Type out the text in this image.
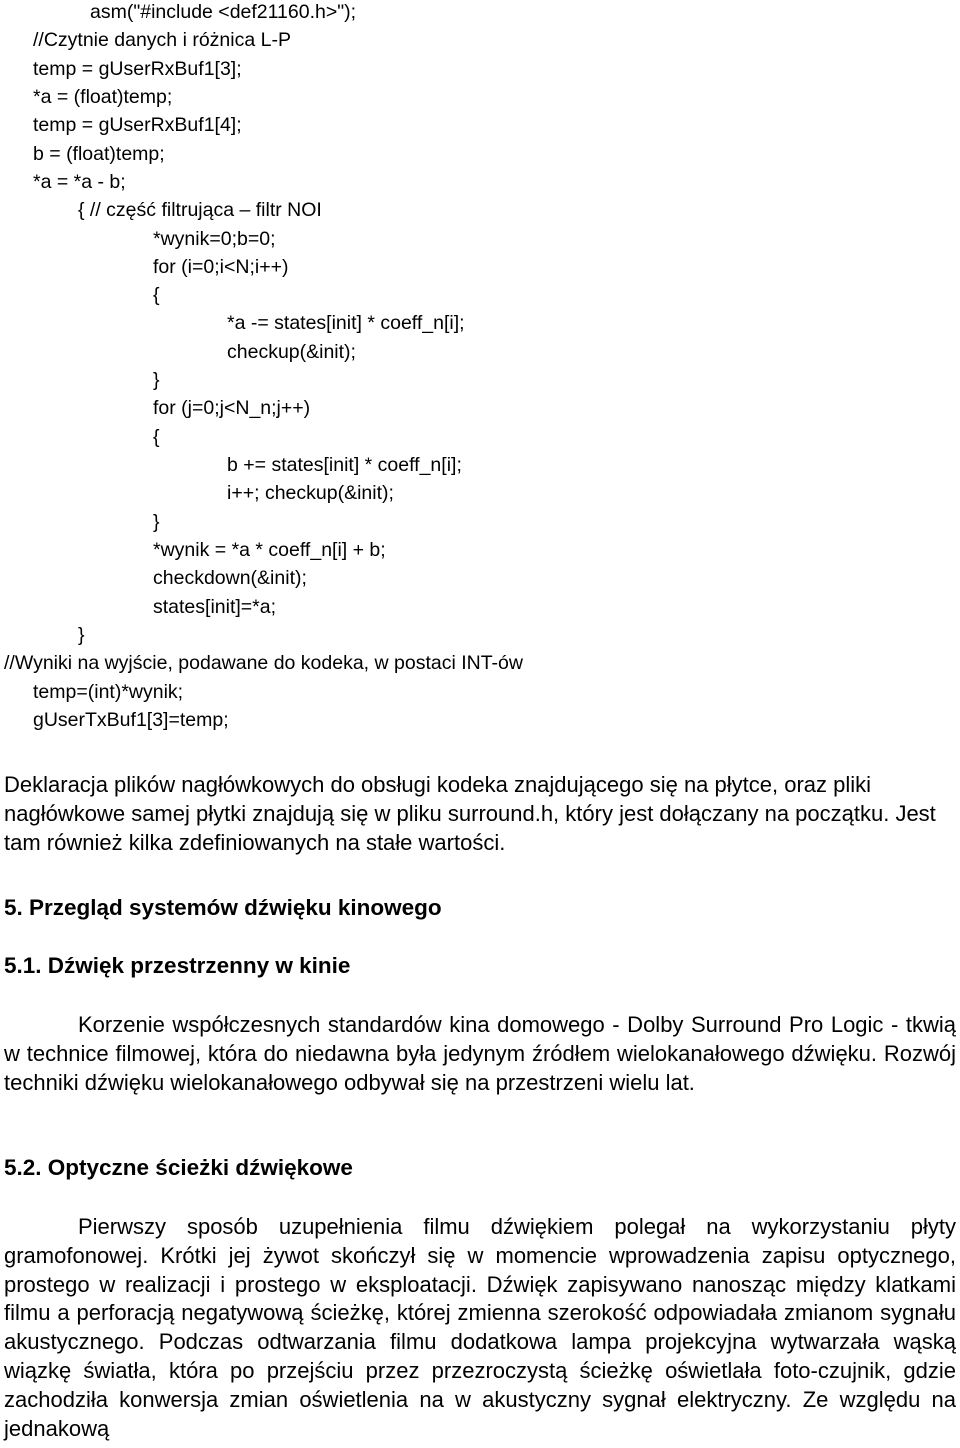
asm("#include <def21160.h>");
//Czytnie danych i różnica L-P
temp = gUserRxBuf1[3];
*a = (float)temp;
temp = gUserRxBuf1[4];
b = (float)temp;
*a = *a - b;
{ // część filtrująca – filtr NOI
*wynik=0;b=0;
for (i=0;i<N;i++)
{
*a -= states[init] * coeff_n[i];
checkup(&init);
}
for (j=0;j<N_n;j++)
{
b += states[init] * coeff_n[i];
i++; checkup(&init);
}
*wynik = *a * coeff_n[i] + b;
checkdown(&init);
states[init]=*a;
}
//Wyniki na wyjście, podawane do kodeka, w postaci INT-ów
temp=(int)*wynik;
gUserTxBuf1[3]=temp;

Deklaracja plików nagłówkowych do obsługi kodeka znajdującego się na płytce, oraz pliki nagłówkowe samej płytki znajdują się w pliku surround.h, który jest dołączany na początku. Jest tam również kilka zdefiniowanych na stałe wartości.

5. Przegląd systemów dźwięku kinowego
5.1. Dźwięk przestrzenny w kinie

Korzenie współczesnych standardów kina domowego - Dolby Surround Pro Logic - tkwią w technice filmowej, która do niedawna była jedynym źródłem wielokanałowego dźwięku. Rozwój techniki dźwięku wielokanałowego odbywał się na przestrzeni wielu lat.

5.2. Optyczne ścieżki dźwiękowe

Pierwszy sposób uzupełnienia filmu dźwiękiem polegał na wykorzystaniu płyty gramofonowej. Krótki jej żywot skończył się w momencie wprowadzenia zapisu optycznego, prostego w realizacji i prostego w eksploatacji. Dźwięk zapisywano nanosząc między klatkami filmu a perforacją negatywową ścieżkę, której zmienna szerokość odpowiadała zmianom sygnału akustycznego. Podczas odtwarzania filmu dodatkowa lampa projekcyjna wytwarzała wąską wiązkę światła, która po przejściu przez przezroczystą ścieżkę oświetlała foto-czujnik, gdzie zachodziła konwersja zmian oświetlenia na w akustyczny sygnał elektryczny. Ze względu na jednakową
